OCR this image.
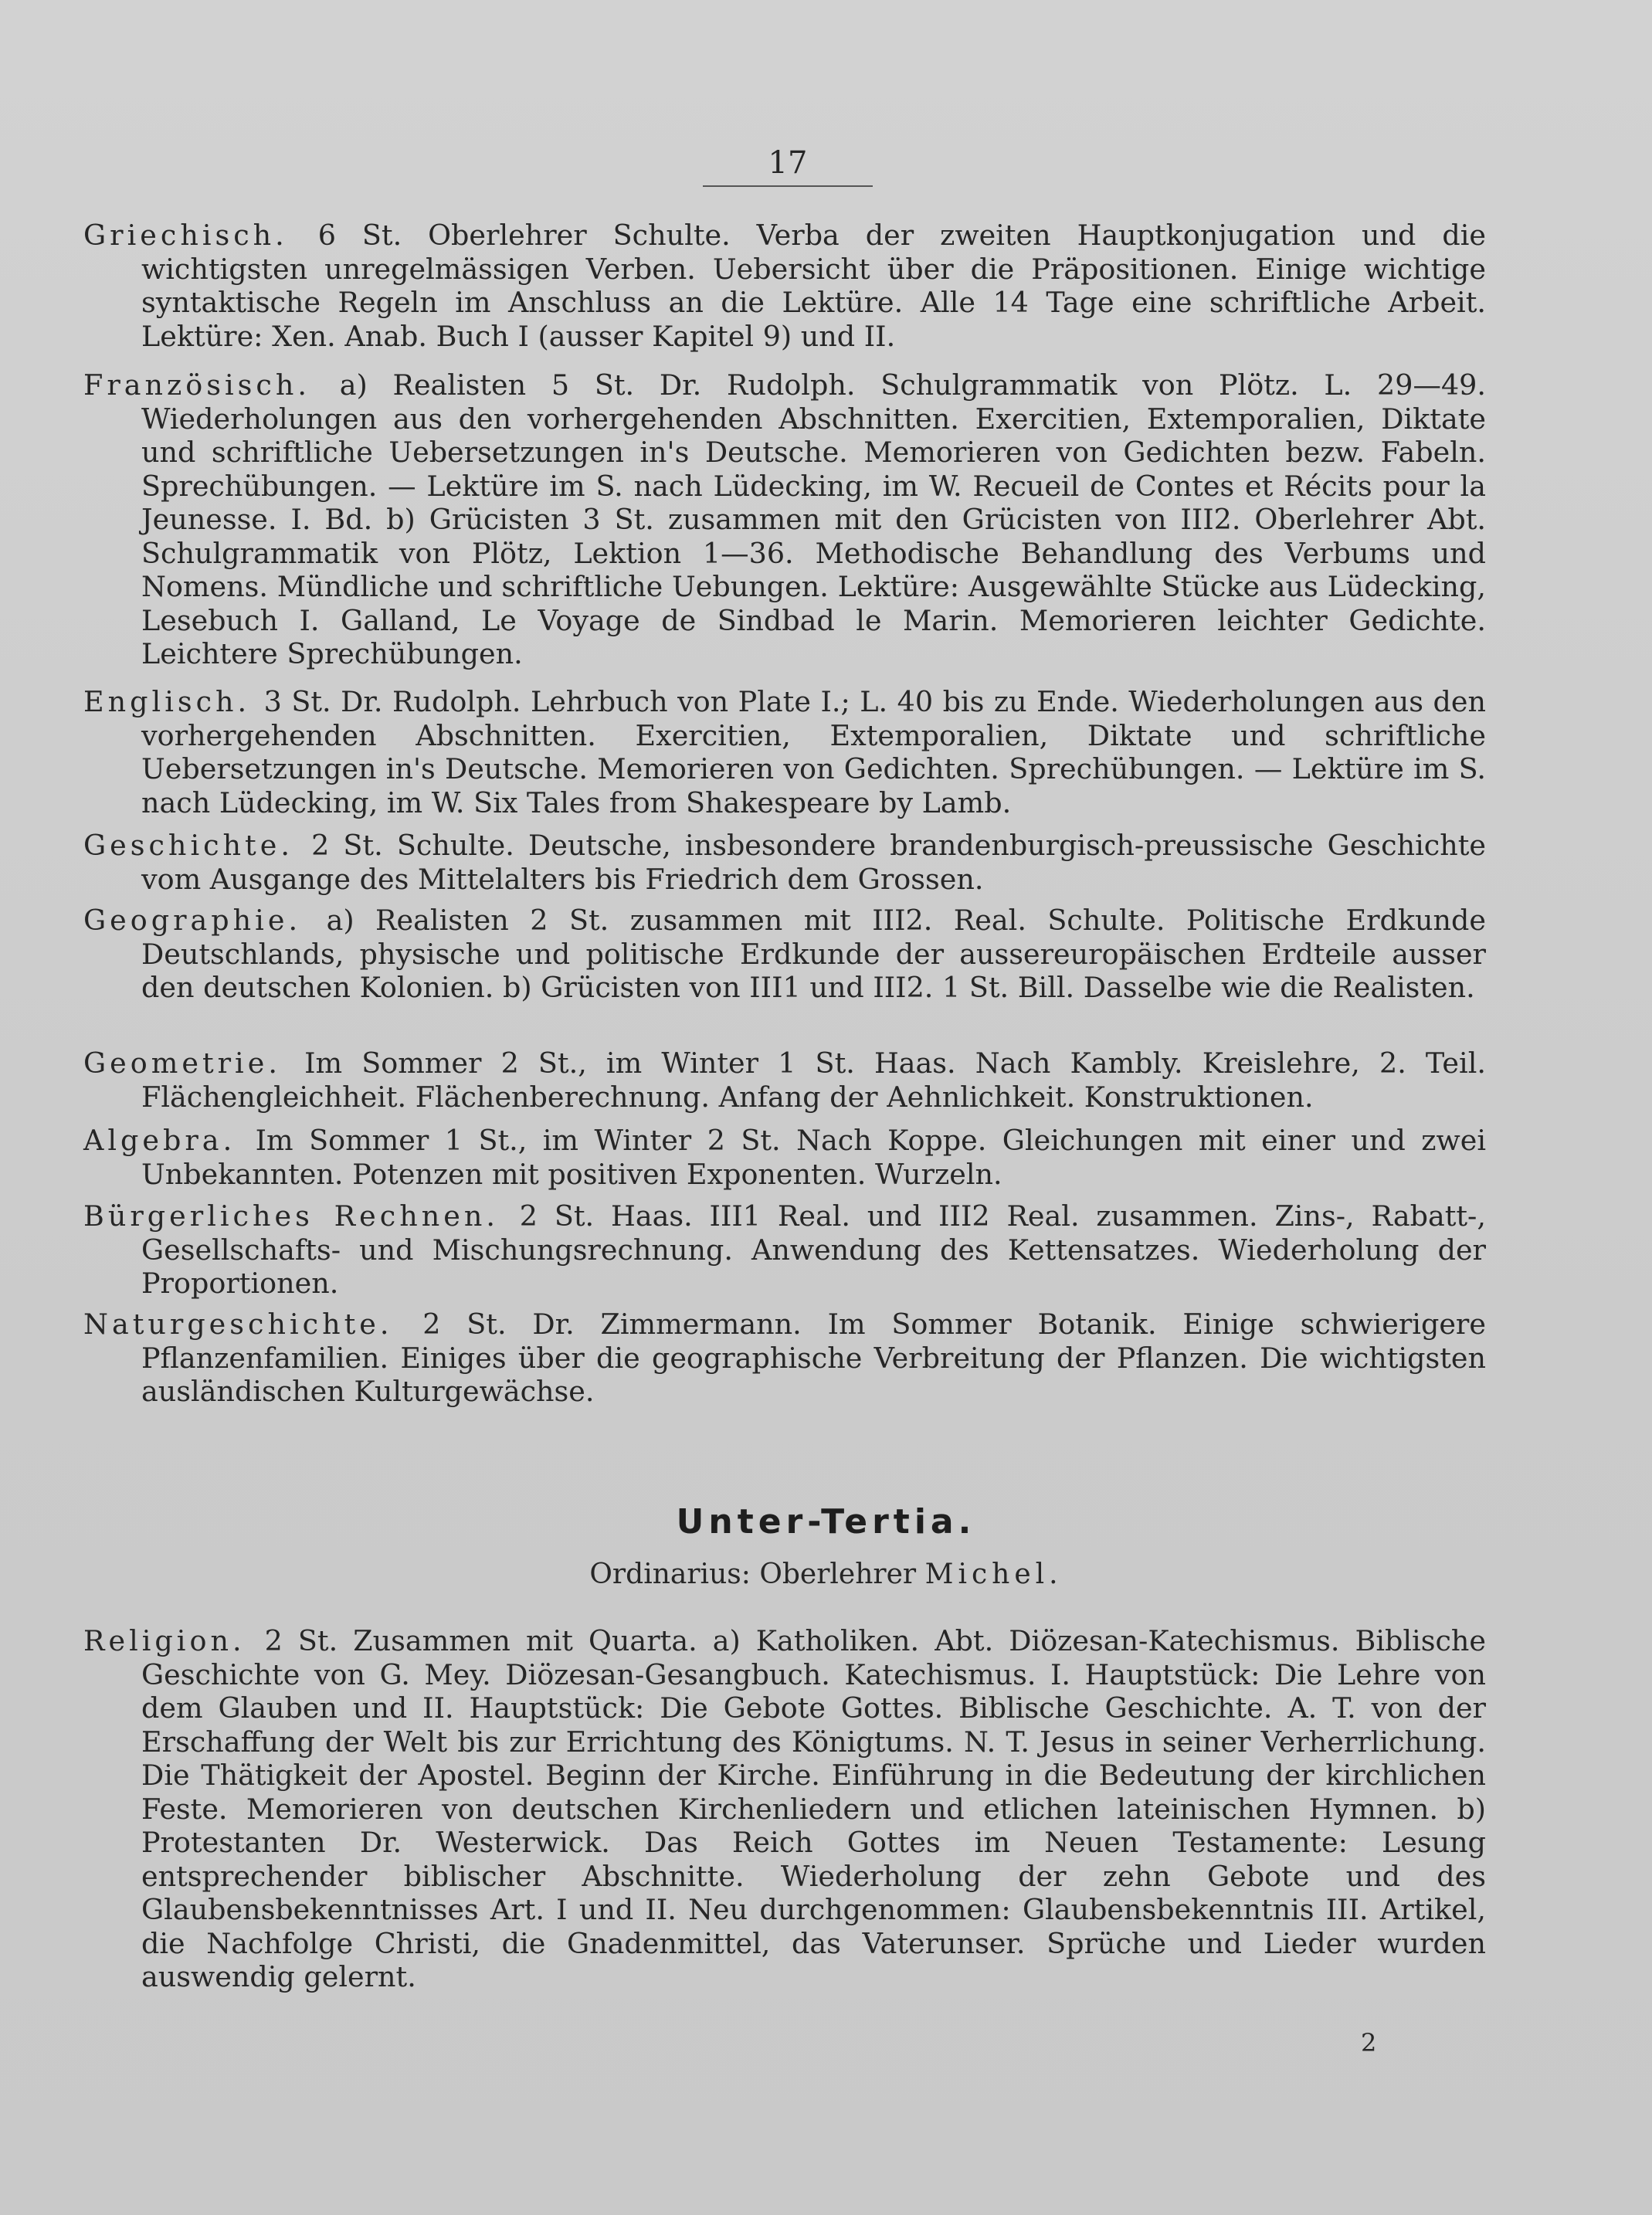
17
Griechisch. 6 St. Oberlehrer Schulte. Verba der zweiten Hauptkonjugation und die wichtigsten unregelmässigen Verben. Uebersicht über die Präpositionen. Einige wichtige syntaktische Regeln im Anschluss an die Lektüre. Alle 14 Tage eine schriftliche Arbeit. Lektüre: Xen. Anab. Buch I (ausser Kapitel 9) und II.
Französisch. a) Realisten 5 St. Dr. Rudolph. Schulgrammatik von Plötz. L. 29—49. Wiederholungen aus den vorhergehenden Abschnitten. Exercitien, Extemporalien, Diktate und schriftliche Uebersetzungen in's Deutsche. Memorieren von Gedichten bezw. Fabeln. Sprechübungen. — Lektüre im S. nach Lüdecking, im W. Recueil de Contes et Récits pour la Jeunesse. I. Bd. b) Grücisten 3 St. zusammen mit den Grücisten von III2. Oberlehrer Abt. Schulgrammatik von Plötz, Lektion 1—36. Methodische Behandlung des Verbums und Nomens. Mündliche und schriftliche Uebungen. Lektüre: Ausgewählte Stücke aus Lüdecking, Lesebuch I. Galland, Le Voyage de Sindbad le Marin. Memorieren leichter Gedichte. Leichtere Sprechübungen.
Englisch. 3 St. Dr. Rudolph. Lehrbuch von Plate I.; L. 40 bis zu Ende. Wiederholungen aus den vorhergehenden Abschnitten. Exercitien, Extemporalien, Diktate und schriftliche Uebersetzungen in's Deutsche. Memorieren von Gedichten. Sprechübungen. — Lektüre im S. nach Lüdecking, im W. Six Tales from Shakespeare by Lamb.
Geschichte. 2 St. Schulte. Deutsche, insbesondere brandenburgisch-preussische Geschichte vom Ausgange des Mittelalters bis Friedrich dem Grossen.
Geographie. a) Realisten 2 St. zusammen mit III2. Real. Schulte. Politische Erdkunde Deutschlands, physische und politische Erdkunde der aussereuropäischen Erdteile ausser den deutschen Kolonien. b) Grücisten von III1 und III2. 1 St. Bill. Dasselbe wie die Realisten.
Geometrie. Im Sommer 2 St., im Winter 1 St. Haas. Nach Kambly. Kreislehre, 2. Teil. Flächengleichheit. Flächenberechnung. Anfang der Aehnlichkeit. Konstruktionen.
Algebra. Im Sommer 1 St., im Winter 2 St. Nach Koppe. Gleichungen mit einer und zwei Unbekannten. Potenzen mit positiven Exponenten. Wurzeln.
Bürgerliches Rechnen. 2 St. Haas. III1 Real. und III2 Real. zusammen. Zins-, Rabatt-, Gesellschafts- und Mischungsrechnung. Anwendung des Kettensatzes. Wiederholung der Proportionen.
Naturgeschichte. 2 St. Dr. Zimmermann. Im Sommer Botanik. Einige schwierigere Pflanzenfamilien. Einiges über die geographische Verbreitung der Pflanzen. Die wichtigsten ausländischen Kulturgewächse.
Unter-Tertia.
Ordinarius: Oberlehrer Michel.
Religion. 2 St. Zusammen mit Quarta. a) Katholiken. Abt. Diözesan-Katechismus. Biblische Geschichte von G. Mey. Diözesan-Gesangbuch. Katechismus. I. Hauptstück: Die Lehre von dem Glauben und II. Hauptstück: Die Gebote Gottes. Biblische Geschichte. A. T. von der Erschaffung der Welt bis zur Errichtung des Königtums. N. T. Jesus in seiner Verherrlichung. Die Thätigkeit der Apostel. Beginn der Kirche. Einführung in die Bedeutung der kirchlichen Feste. Memorieren von deutschen Kirchenliedern und etlichen lateinischen Hymnen. b) Protestanten Dr. Westerwick. Das Reich Gottes im Neuen Testamente: Lesung entsprechender biblischer Abschnitte. Wiederholung der zehn Gebote und des Glaubensbekenntnisses Art. I und II. Neu durchgenommen: Glaubensbekenntnis III. Artikel, die Nachfolge Christi, die Gnadenmittel, das Vaterunser. Sprüche und Lieder wurden auswendig gelernt.
2
